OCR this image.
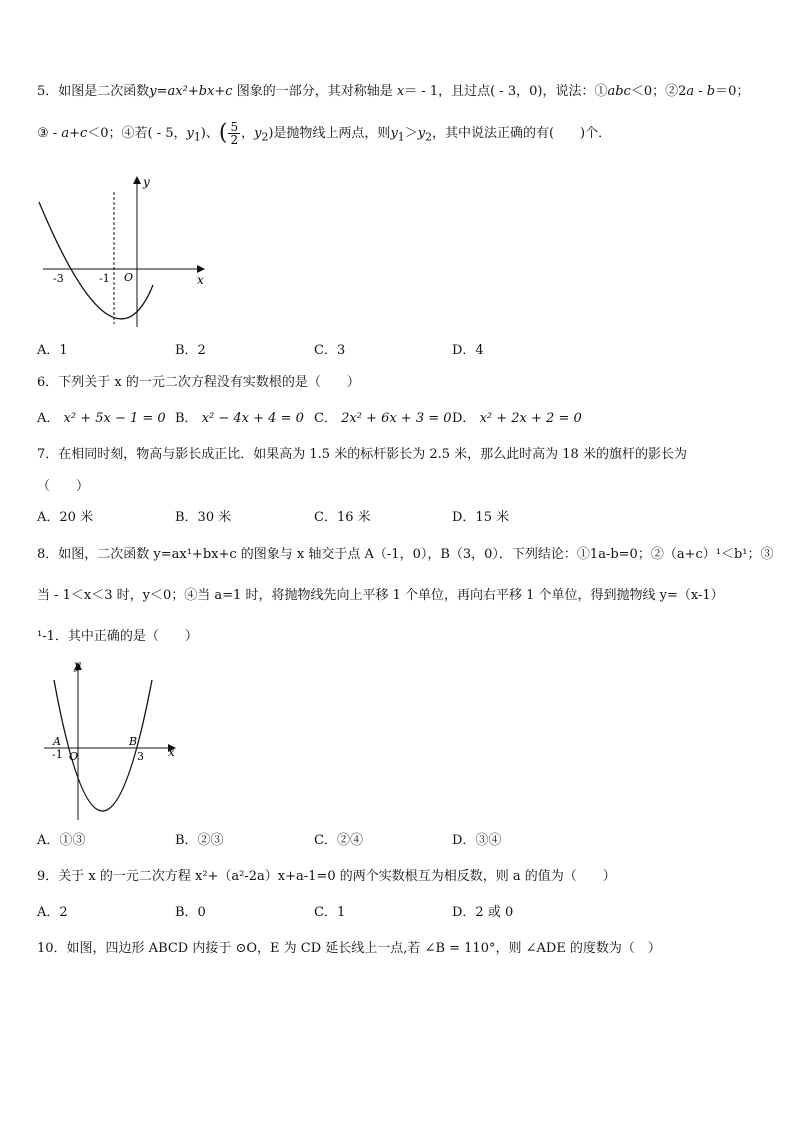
5．如图是二次函数y=ax²+bx+c 图象的一部分，其对称轴是 x＝ - 1，且过点( - 3，0)，说法：①abc＜0；②2a - b＝0；
③ - a+c＜0；④若( - 5，$y_1$)、( $\frac{5}{2}$ ，$y_2$)是抛物线上两点，则$y_1>y_2$，其中说法正确的有(　　)个．
y
x
-3	-1 O
A．1	B．2	C．3	D．4
6．下列关于 x 的一元二次方程没有实数根的是（　　）
A． x² + 5x − 1 = 0 B． x² − 4x + 4 = 0 C． 2x² + 6x + 3 = 0 D． x² + 2x + 2 = 0
7．在相同时刻，物高与影长成正比．如果高为 1.5 米的标杆影长为 2.5 米，那么此时高为 18 米的旗杆的影长为
（　　）
A．20 米	B．30 米	C．16 米	D．15 米
8．如图，二次函数 y=ax¹+bx+c 的图象与 x 轴交于点 A（-1，0），B（3，0）．下列结论：①1a-b=0；②（a+c）¹＜b¹；③
当 - 1＜x＜3 时，y＜0；④当 a=1 时，将抛物线先向上平移 1 个单位，再向右平移 1 个单位，得到抛物线 y=（x-1）
¹-1．其中正确的是（　　）
y
x
A	B
-1 O	3
A．①③	B．②③	C．②④	D．③④
9．关于 x 的一元二次方程 x²+（a²-2a）x+a-1=0 的两个实数根互为相反数，则 a 的值为（　　）
A．2	B．0	C．1	D．2 或 0
10．如图，四边形 ABCD 内接于 ⊙O，E 为 CD 延长线上一点,若 ∠B = 110°，则 ∠ADE 的度数为（　）
